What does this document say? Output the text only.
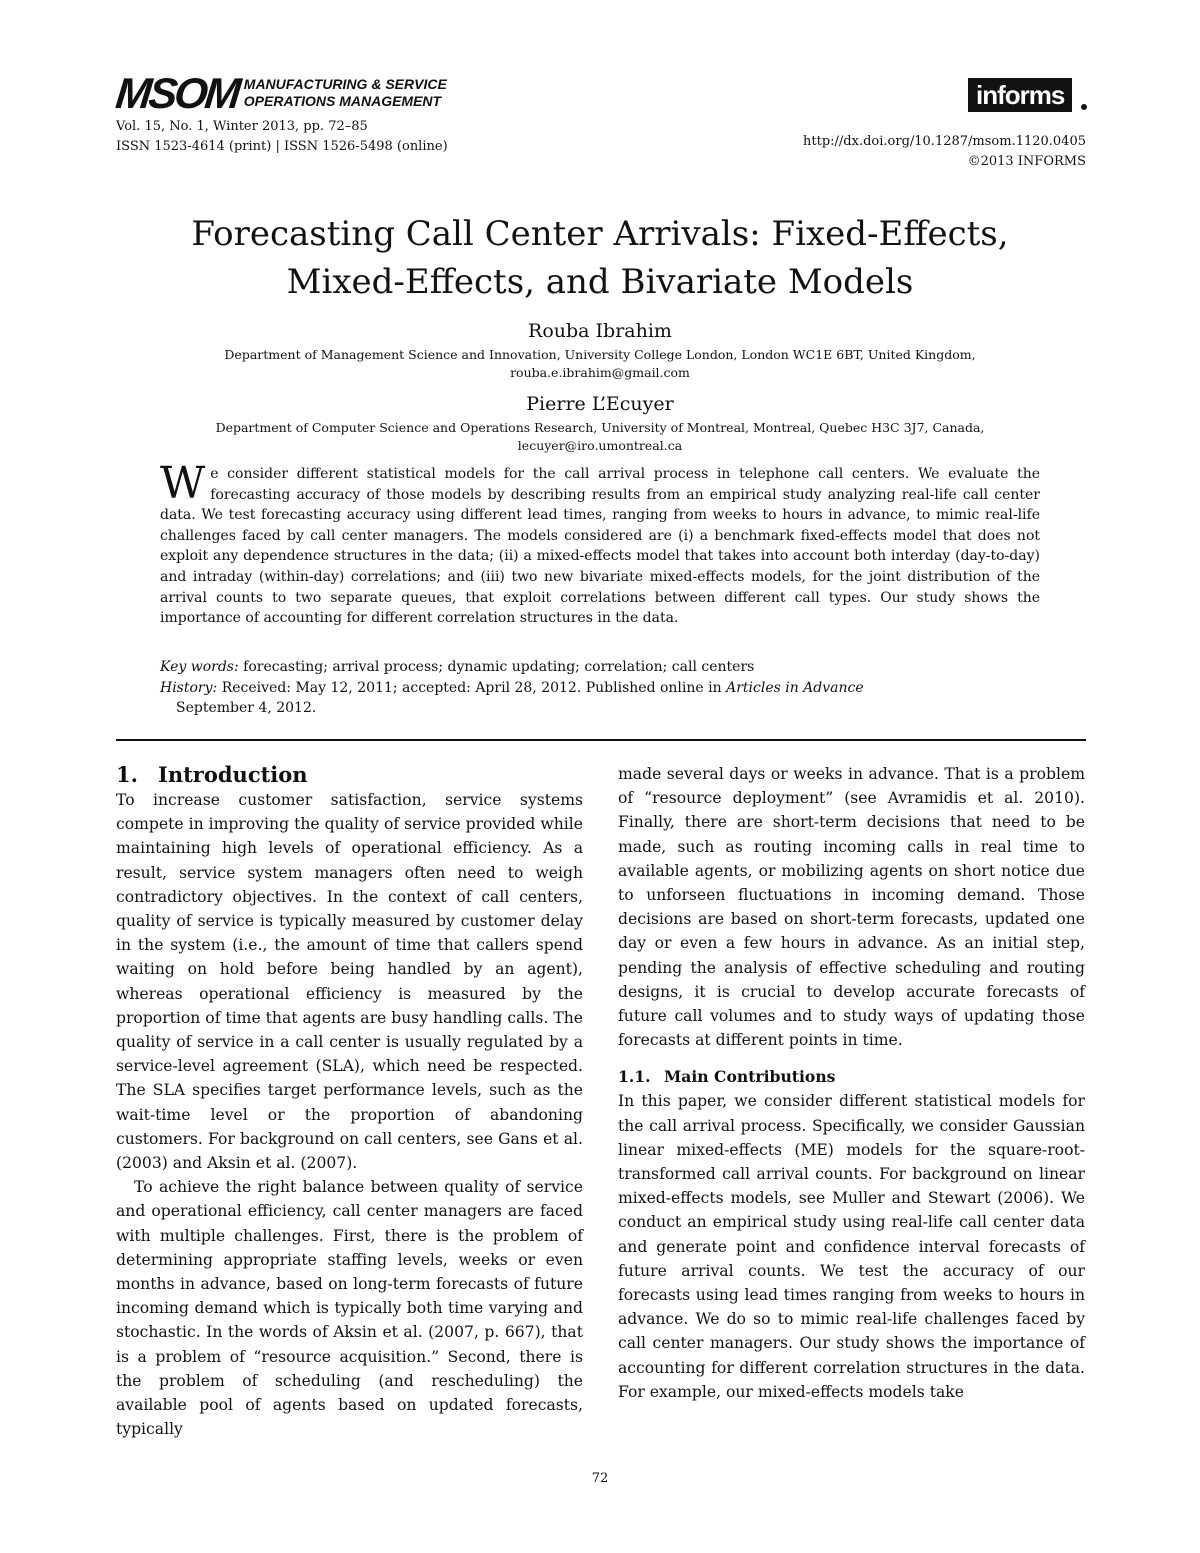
MSOM MANUFACTURING & SERVICE
OPERATIONS MANAGEMENT
Vol. 15, No. 1, Winter 2013, pp. 72–85
ISSN 1523-4614 (print) | ISSN 1526-5498 (online)
informs
http://dx.doi.org/10.1287/msom.1120.0405
©2013 INFORMS
Forecasting Call Center Arrivals: Fixed-Effects,
Mixed-Effects, and Bivariate Models
Rouba Ibrahim
Department of Management Science and Innovation, University College London, London WC1E 6BT, United Kingdom,
rouba.e.ibrahim@gmail.com
Pierre L’Ecuyer
Department of Computer Science and Operations Research, University of Montreal, Montreal, Quebec H3C 3J7, Canada,
lecuyer@iro.umontreal.ca
We consider different statistical models for the call arrival process in telephone call centers. We evaluate the forecasting accuracy of those models by describing results from an empirical study analyzing real-life call center data. We test forecasting accuracy using different lead times, ranging from weeks to hours in advance, to mimic real-life challenges faced by call center managers. The models considered are (i) a benchmark fixed-effects model that does not exploit any dependence structures in the data; (ii) a mixed-effects model that takes into account both interday (day-to-day) and intraday (within-day) correlations; and (iii) two new bivariate mixed-effects models, for the joint distribution of the arrival counts to two separate queues, that exploit correlations between different call types. Our study shows the importance of accounting for different correlation structures in the data.
Key words: forecasting; arrival process; dynamic updating; correlation; call centers
History: Received: May 12, 2011; accepted: April 28, 2012. Published online in Articles in Advance
September 4, 2012.
1. Introduction

To increase customer satisfaction, service systems compete in improving the quality of service provided while maintaining high levels of operational efficiency. As a result, service system managers often need to weigh contradictory objectives. In the context of call centers, quality of service is typically measured by customer delay in the system (i.e., the amount of time that callers spend waiting on hold before being handled by an agent), whereas operational efficiency is measured by the proportion of time that agents are busy handling calls. The quality of service in a call center is usually regulated by a service-level agreement (SLA), which need be respected. The SLA specifies target performance levels, such as the wait-time level or the proportion of abandoning customers. For background on call centers, see Gans et al. (2003) and Aksin et al. (2007).

To achieve the right balance between quality of service and operational efficiency, call center managers are faced with multiple challenges. First, there is the problem of determining appropriate staffing levels, weeks or even months in advance, based on long-term forecasts of future incoming demand which is typically both time varying and stochastic. In the words of Aksin et al. (2007, p. 667), that is a problem of “resource acquisition.” Second, there is the problem of scheduling (and rescheduling) the available pool of agents based on updated forecasts, typically

made several days or weeks in advance. That is a problem of “resource deployment” (see Avramidis et al. 2010). Finally, there are short-term decisions that need to be made, such as routing incoming calls in real time to available agents, or mobilizing agents on short notice due to unforseen fluctuations in incoming demand. Those decisions are based on short-term forecasts, updated one day or even a few hours in advance. As an initial step, pending the analysis of effective scheduling and routing designs, it is crucial to develop accurate forecasts of future call volumes and to study ways of updating those forecasts at different points in time.

1.1. Main Contributions

In this paper, we consider different statistical models for the call arrival process. Specifically, we consider Gaussian linear mixed-effects (ME) models for the square-root-transformed call arrival counts. For background on linear mixed-effects models, see Muller and Stewart (2006). We conduct an empirical study using real-life call center data and generate point and confidence interval forecasts of future arrival counts. We test the accuracy of our forecasts using lead times ranging from weeks to hours in advance. We do so to mimic real-life challenges faced by call center managers. Our study shows the importance of accounting for different correlation structures in the data. For example, our mixed-effects models take

72
